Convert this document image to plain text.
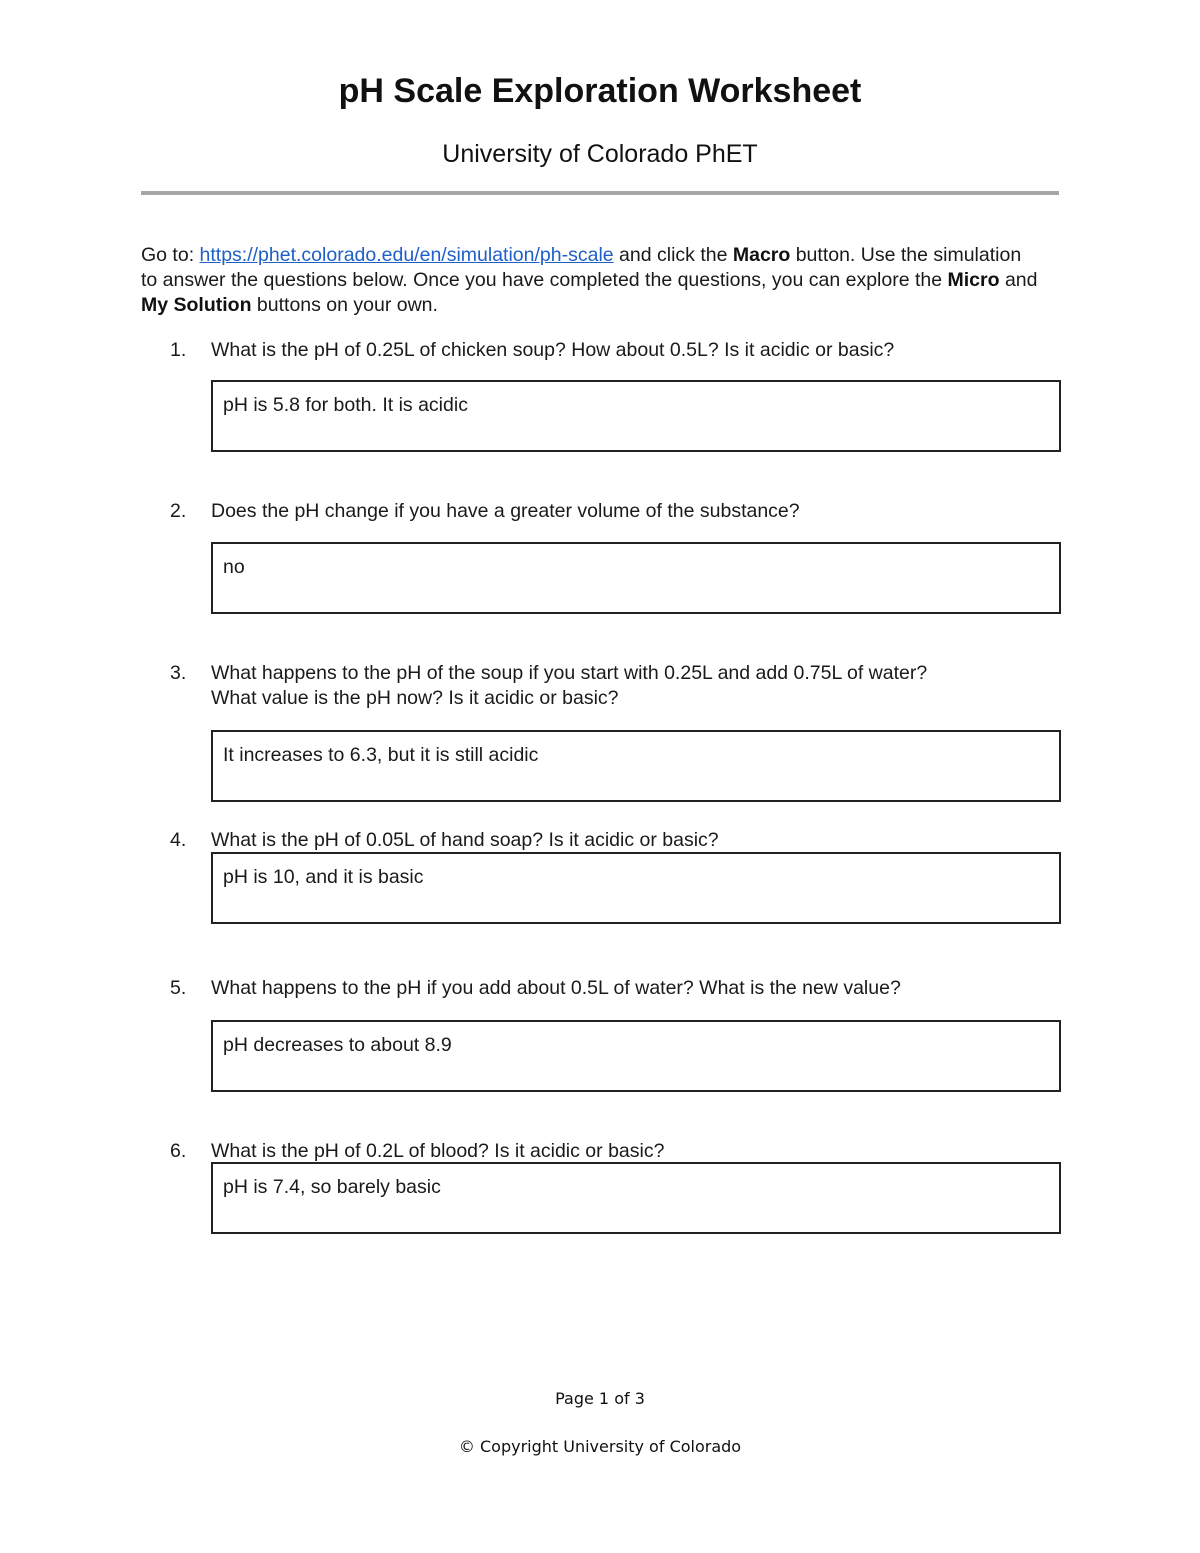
pH Scale Exploration Worksheet
University of Colorado PhET
Go to: https://phet.colorado.edu/en/simulation/ph-scale and click the Macro button. Use the simulation to answer the questions below. Once you have completed the questions, you can explore the Micro and My Solution buttons on your own.
1.	What is the pH of 0.25L of chicken soup? How about 0.5L? Is it acidic or basic?
pH is 5.8 for both. It is acidic
2.	Does the pH change if you have a greater volume of the substance?
no
3.	What happens to the pH of the soup if you start with 0.25L and add 0.75L of water?
What value is the pH now? Is it acidic or basic?
It increases to 6.3, but it is still acidic
4.	What is the pH of 0.05L of hand soap? Is it acidic or basic?
pH is 10, and it is basic
5.	What happens to the pH if you add about 0.5L of water? What is the new value?
pH decreases to about 8.9
6.	What is the pH of 0.2L of blood? Is it acidic or basic?
pH is 7.4, so barely basic
Page 1 of 3
© Copyright University of Colorado
